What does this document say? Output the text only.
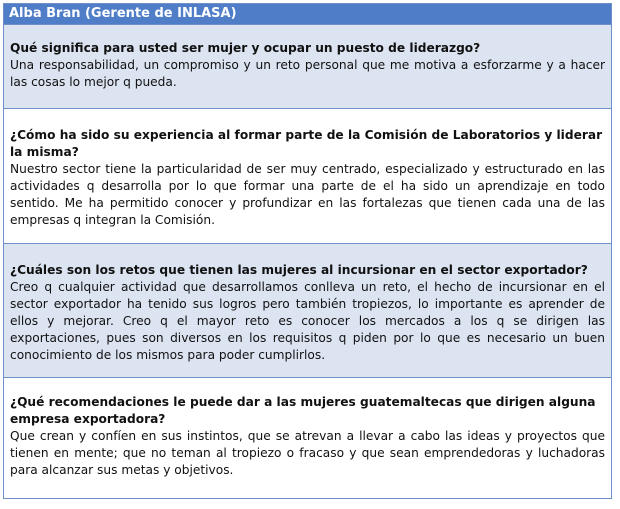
Alba Bran (Gerente de INLASA)

Qué significa para usted ser mujer y ocupar un puesto de liderazgo?

Una responsabilidad, un compromiso y un reto personal que me motiva a esforzarme y a hacer las cosas lo mejor q pueda.

¿Cómo ha sido su experiencia al formar parte de la Comisión de Laboratorios y liderar la misma?

Nuestro sector tiene la particularidad de ser muy centrado, especializado y estructurado en las actividades q desarrolla por lo que formar una parte de el ha sido un aprendizaje en todo sentido. Me ha permitido conocer y profundizar en las fortalezas que tienen cada una de las empresas q integran la Comisión.

¿Cuáles son los retos que tienen las mujeres al incursionar en el sector exportador?

Creo q cualquier actividad que desarrollamos conlleva un reto, el hecho de incursionar en el sector exportador ha tenido sus logros pero también tropiezos, lo importante es aprender de ellos y mejorar. Creo q el mayor reto es conocer los mercados a los q se dirigen las exportaciones, pues son diversos en los requisitos q piden por lo que es necesario un buen conocimiento de los mismos para poder cumplirlos.

¿Qué recomendaciones le puede dar a las mujeres guatemaltecas que dirigen alguna empresa exportadora?

Que crean y confíen en sus instintos, que se atrevan a llevar a cabo las ideas y proyectos que tienen en mente; que no teman al tropiezo o fracaso y que sean emprendedoras y luchadoras para alcanzar sus metas y objetivos.
